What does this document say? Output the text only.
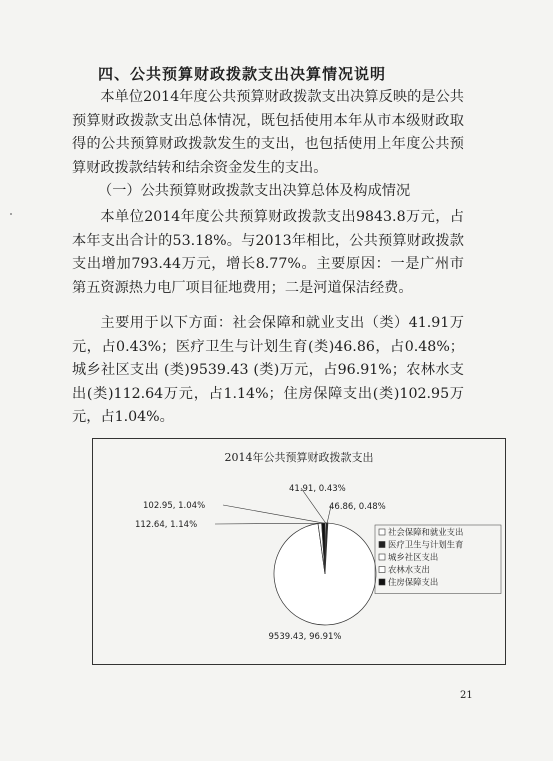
四、公共预算财政拨款支出决算情况说明
本单位2014年度公共预算财政拨款支出决算反映的是公共预算财政拨款支出总体情况，既包括使用本年从市本级财政取得的公共预算财政拨款发生的支出，也包括使用上年度公共预算财政拨款结转和结余资金发生的支出。
（一）公共预算财政拨款支出决算总体及构成情况
本单位2014年度公共预算财政拨款支出9843.8万元，占本年支出合计的53.18%。与2013年相比，公共预算财政拨款支出增加793.44万元，增长8.77%。主要原因：一是广州市第五资源热力电厂项目征地费用；二是河道保洁经费。
主要用于以下方面：社会保障和就业支出（类）41.91万元，占0.43%；医疗卫生与计划生育(类)46.86，占0.48%；城乡社区支出 (类)9539.43 (类)万元，占96.91%；农林水支出(类)112.64万元，占1.14%；住房保障支出(类)102.95万元，占1.04%。
2014年公共预算财政拨款支出
41.91, 0.43%
46.86, 0.48%
9539.43, 96.91%
112.64, 1.14%
102.95, 1.04%
社会保障和就业支出
医疗卫生与计划生育
城乡社区支出
农林水支出
住房保障支出
21
